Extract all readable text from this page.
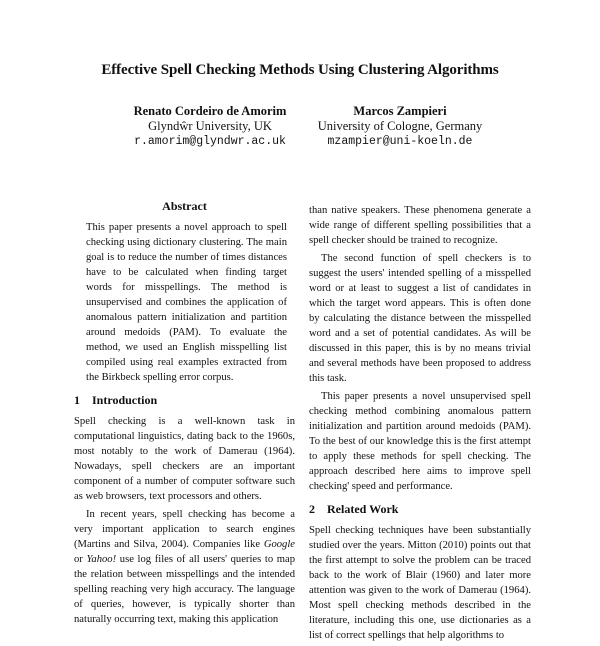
Effective Spell Checking Methods Using Clustering Algorithms
Renato Cordeiro de Amorim
Glyndŵr University, UK
r.amorim@glyndwr.ac.uk
Marcos Zampieri
University of Cologne, Germany
mzampier@uni-koeln.de
Abstract

This paper presents a novel approach to spell checking using dictionary clustering. The main goal is to reduce the number of times distances have to be calculated when finding target words for misspellings. The method is unsupervised and combines the application of anomalous pattern initialization and partition around medoids (PAM). To evaluate the method, we used an English misspelling list compiled using real examples extracted from the Birkbeck spelling error corpus.

1 Introduction

Spell checking is a well-known task in computational linguistics, dating back to the 1960s, most notably to the work of Damerau (1964). Nowadays, spell checkers are an important component of a number of computer software such as web browsers, text processors and others.

In recent years, spell checking has become a very important application to search engines (Martins and Silva, 2004). Companies like Google or Yahoo! use log files of all users' queries to map the relation between misspellings and the intended spelling reaching very high accuracy. The language of queries, however, is typically shorter than naturally occurring text, making this application

than native speakers. These phenomena generate a wide range of different spelling possibilities that a spell checker should be trained to recognize.

The second function of spell checkers is to suggest the users' intended spelling of a misspelled word or at least to suggest a list of candidates in which the target word appears. This is often done by calculating the distance between the misspelled word and a set of potential candidates. As will be discussed in this paper, this is by no means trivial and several methods have been proposed to address this task.

This paper presents a novel unsupervised spell checking method combining anomalous pattern initialization and partition around medoids (PAM). To the best of our knowledge this is the first attempt to apply these methods for spell checking. The approach described here aims to improve spell checking' speed and performance.

2 Related Work

Spell checking techniques have been substantially studied over the years. Mitton (2010) points out that the first attempt to solve the problem can be traced back to the work of Blair (1960) and later more attention was given to the work of Damerau (1964). Most spell checking methods described in the literature, including this one, use dictionaries as a list of correct spellings that help algorithms to
